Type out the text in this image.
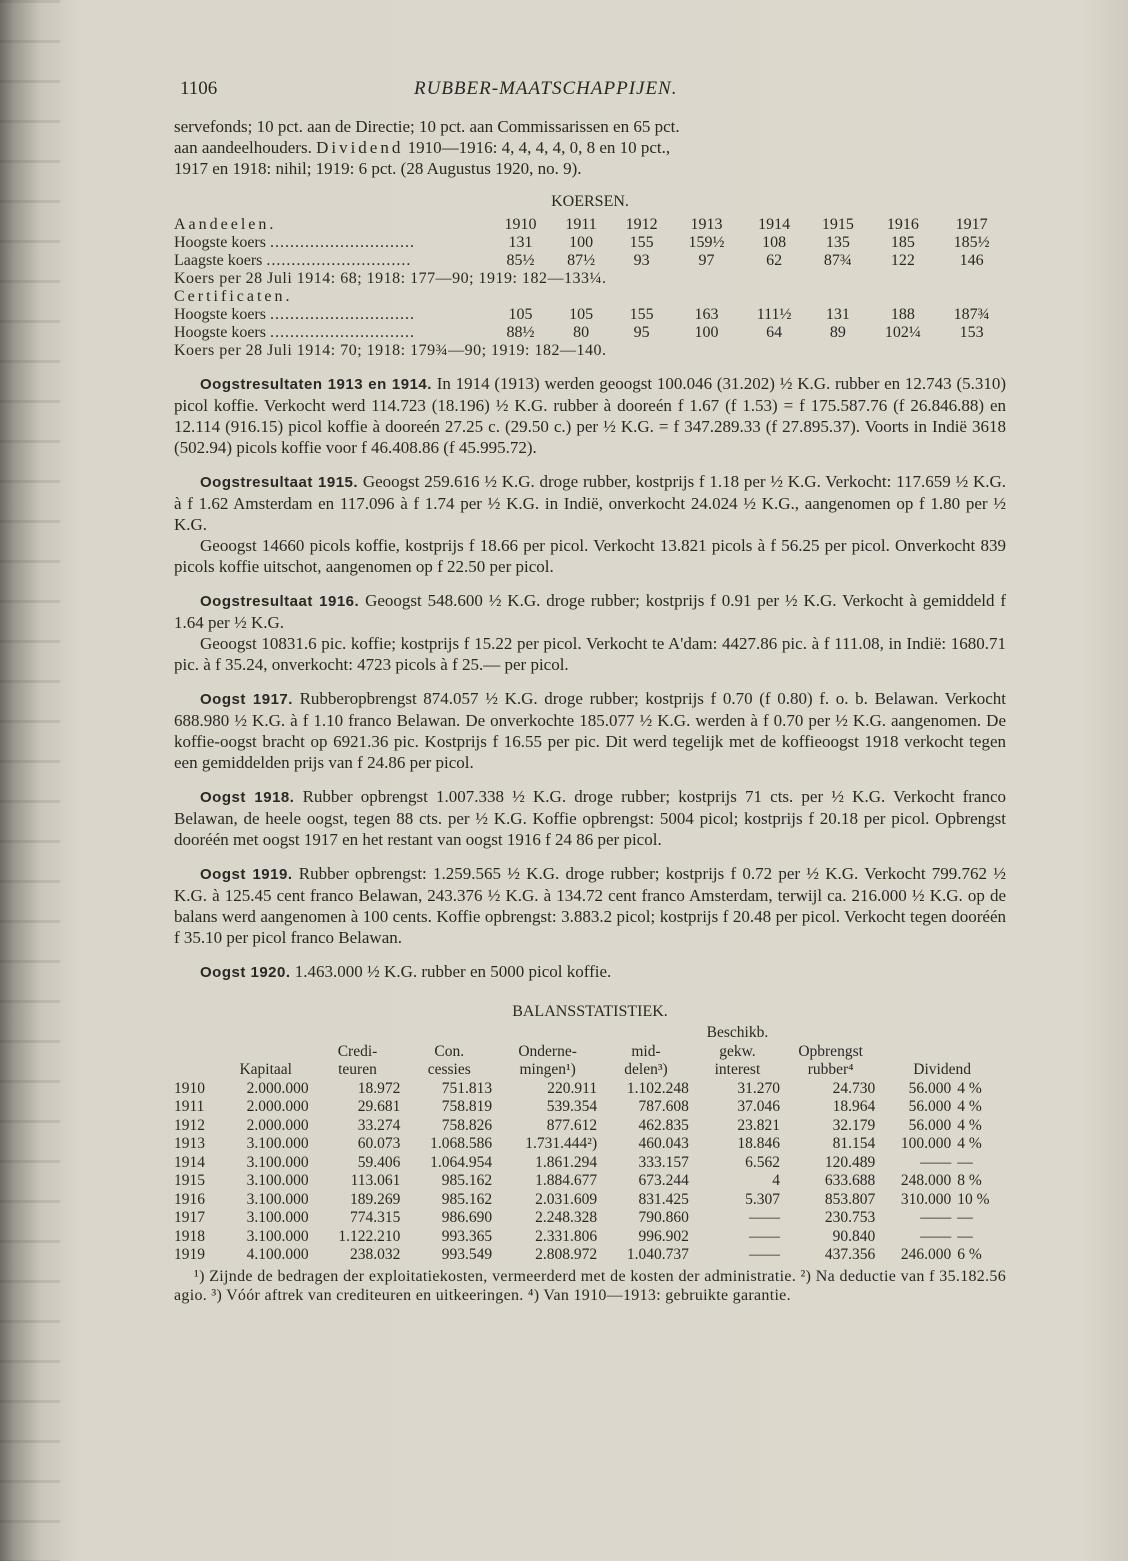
1106	RUBBER-MAATSCHAPPIJEN.

servefonds; 10 pct. aan de Directie; 10 pct. aan Commissarissen en 65 pct.
aan aandeelhouders. Dividend 1910—1916: 4, 4, 4, 4, 0, 8 en 10 pct.,
1917 en 1918: nihil; 1919: 6 pct. (28 Augustus 1920, no. 9).

KOERSEN.
Aandeelen.	1910	1911	1912	1913	1914	1915	1916	1917
Hoogste koers .............................	131	100	155	159½	108	135	185	185½
Laagste koers .............................	85½	87½	93	97	62	87¾	122	146
Koers per 28 Juli 1914: 68; 1918: 177—90; 1919: 182—133¼.								
Certificaten.								
Hoogste koers .............................	105	105	155	163	111½	131	188	187¾
Hoogste koers .............................	88½	80	95	100	64	89	102¼	153
Koers per 28 Juli 1914: 70; 1918: 179¾—90; 1919: 182—140.								

Oogstresultaten 1913 en 1914. In 1914 (1913) werden geoogst 100.046 (31.202) ½ K.G. rubber en 12.743 (5.310) picol koffie. Verkocht werd 114.723 (18.196) ½ K.G. rubber à dooreén f 1.67 (f 1.53) = f 175.587.76 (f 26.846.88) en 12.114 (916.15) picol koffie à dooreén 27.25 c. (29.50 c.) per ½ K.G. = f 347.289.33 (f 27.895.37). Voorts in Indië 3618 (502.94) picols koffie voor f 46.408.86 (f 45.995.72).

Oogstresultaat 1915. Geoogst 259.616 ½ K.G. droge rubber, kostprijs f 1.18 per ½ K.G. Verkocht: 117.659 ½ K.G. à f 1.62 Amsterdam en 117.096 à f 1.74 per ½ K.G. in Indië, onverkocht 24.024 ½ K.G., aangenomen op f 1.80 per ½ K.G.

Geoogst 14660 picols koffie, kostprijs f 18.66 per picol. Verkocht 13.821 picols à f 56.25 per picol. Onverkocht 839 picols koffie uitschot, aangenomen op f 22.50 per picol.

Oogstresultaat 1916. Geoogst 548.600 ½ K.G. droge rubber; kostprijs f 0.91 per ½ K.G. Verkocht à gemiddeld f 1.64 per ½ K.G.

Geoogst 10831.6 pic. koffie; kostprijs f 15.22 per picol. Verkocht te A'dam: 4427.86 pic. à f 111.08, in Indië: 1680.71 pic. à f 35.24, onverkocht: 4723 picols à f 25.— per picol.

Oogst 1917. Rubberopbrengst 874.057 ½ K.G. droge rubber; kostprijs f 0.70 (f 0.80) f. o. b. Belawan. Verkocht 688.980 ½ K.G. à f 1.10 franco Belawan. De onverkochte 185.077 ½ K.G. werden à f 0.70 per ½ K.G. aangenomen. De koffie-oogst bracht op 6921.36 pic. Kostprijs f 16.55 per pic. Dit werd tegelijk met de koffieoogst 1918 verkocht tegen een gemiddelden prijs van f 24.86 per picol.

Oogst 1918. Rubber opbrengst 1.007.338 ½ K.G. droge rubber; kostprijs 71 cts. per ½ K.G. Verkocht franco Belawan, de heele oogst, tegen 88 cts. per ½ K.G. Koffie opbrengst: 5004 picol; kostprijs f 20.18 per picol. Opbrengst dooréén met oogst 1917 en het restant van oogst 1916 f 24 86 per picol.

Oogst 1919. Rubber opbrengst: 1.259.565 ½ K.G. droge rubber; kostprijs f 0.72 per ½ K.G. Verkocht 799.762 ½ K.G. à 125.45 cent franco Belawan, 243.376 ½ K.G. à 134.72 cent franco Amsterdam, terwijl ca. 216.000 ½ K.G. op de balans werd aangenomen à 100 cents. Koffie opbrengst: 3.883.2 picol; kostprijs f 20.48 per picol. Verkocht tegen dooréén f 35.10 per picol franco Belawan.

Oogst 1920. 1.463.000 ½ K.G. rubber en 5000 picol koffie.

BALANSSTATISTIEK.
						Beschikb.			
		Credi-	Con.	Onderne-	mid-	gekw.	Opbrengst		
	Kapitaal	teuren	cessies	mingen¹)	delen³)	interest	rubber⁴	Dividend	
1910	2.000.000	18.972	751.813	220.911	1.102.248	31.270	24.730	56.000	4 %
1911	2.000.000	29.681	758.819	539.354	787.608	37.046	18.964	56.000	4 %
1912	2.000.000	33.274	758.826	877.612	462.835	23.821	32.179	56.000	4 %
1913	3.100.000	60.073	1.068.586	1.731.444²)	460.043	18.846	81.154	100.000	4 %
1914	3.100.000	59.406	1.064.954	1.861.294	333.157	6.562	120.489	——	—
1915	3.100.000	113.061	985.162	1.884.677	673.244	4	633.688	248.000	8 %
1916	3.100.000	189.269	985.162	2.031.609	831.425	5.307	853.807	310.000	10 %
1917	3.100.000	774.315	986.690	2.248.328	790.860	——	230.753	——	—
1918	3.100.000	1.122.210	993.365	2.331.806	996.902	——	90.840	——	—
1919	4.100.000	238.032	993.549	2.808.972	1.040.737	——	437.356	246.000	6 %

¹) Zijnde de bedragen der exploitatiekosten, vermeerderd met de kosten der administratie. ²) Na deductie van f 35.182.56 agio. ³) Vóór aftrek van crediteuren en uitkeeringen. ⁴) Van 1910—1913: gebruikte garantie.
